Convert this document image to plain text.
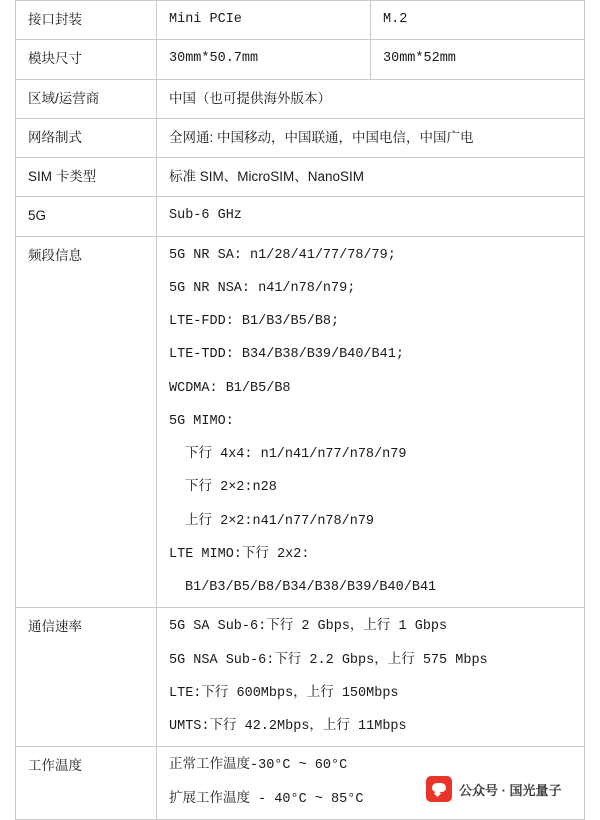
接口封装	Mini PCIe	M.2
模块尺寸	30mm*50.7mm	30mm*52mm
区域/运营商	中国（也可提供海外版本）	
网络制式	全网通: 中国移动，中国联通，中国电信，中国广电	
SIM 卡类型	标准 SIM、MicroSIM、NanoSIM	
5G	Sub-6 GHz	
频段信息	5G NR SA: n1/28/41/77/78/79;
5G NR NSA: n41/n78/n79;
LTE-FDD: B1/B3/B5/B8;
LTE-TDD: B34/B38/B39/B40/B41;
WCDMA: B1/B5/B8
5G MIMO:
下行 4x4: n1/n41/n77/n78/n79
下行 2×2:n28
上行 2×2:n41/n77/n78/n79
LTE MIMO:下行 2x2:
B1/B3/B5/B8/B34/B38/B39/B40/B41

通信速率	5G SA Sub-6:下行 2 Gbps，上行 1 Gbps
5G NSA Sub-6:下行 2.2 Gbps，上行 575 Mbps
LTE:下行 600Mbps，上行 150Mbps
UMTS:下行 42.2Mbps，上行 11Mbps	

工作温度	正常工作温度-30°C ~ 60°C
扩展工作温度 - 40°C ~ 85°C	
公众号 · 国光量子
